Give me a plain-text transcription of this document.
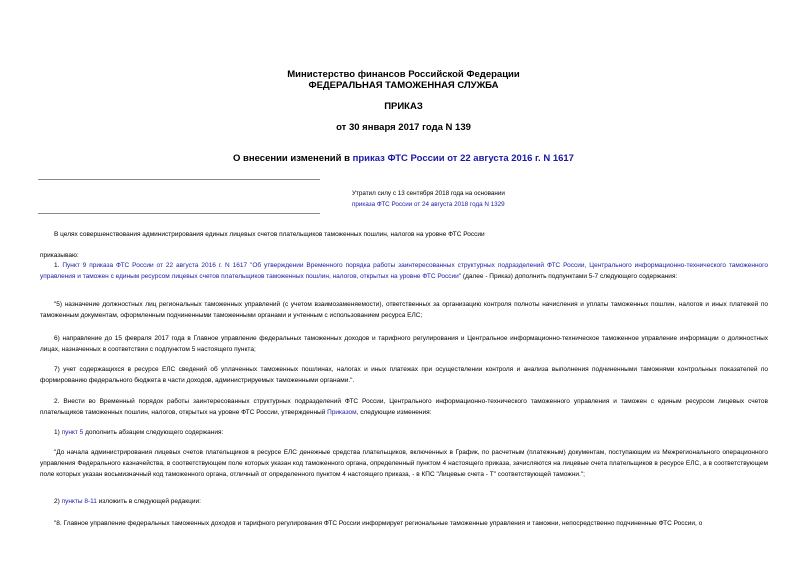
Министерство финансов Российской Федерации
ФЕДЕРАЛЬНАЯ ТАМОЖЕННАЯ СЛУЖБА
ПРИКАЗ
от 30 января 2017 года N 139
О внесении изменений в приказ ФТС России от 22 августа 2016 г. N 1617
Утратил силу с 13 сентября 2018 года на основании
приказа ФТС России от 24 августа 2018 года N 1329
В целях совершенствования администрирования единых лицевых счетов плательщиков таможенных пошлин, налогов на уровне ФТС России
приказываю:
1. Пункт 9 приказа ФТС России от 22 августа 2016 г. N 1617 "Об утверждении Временного порядка работы заинтересованных структурных подразделений ФТС России, Центрального информационно-технического таможенного управления и таможен с единым ресурсом лицевых счетов плательщиков таможенных пошлин, налогов, открытых на уровне ФТС России" (далее - Приказ) дополнить подпунктами 5-7 следующего содержания:
"5) назначение должностных лиц региональных таможенных управлений (с учетом взаимозаменяемости), ответственных за организацию контроля полноты начисления и уплаты таможенных пошлин, налогов и иных платежей по таможенным документам, оформленным подчиненными таможенными органами и учтенным с использованием ресурса ЕЛС;
6) направление до 15 февраля 2017 года в Главное управление федеральных таможенных доходов и тарифного регулирования и Центральное информационно-техническое таможенное управление информации о должностных лицах, назначенных в соответствии с подпунктом 5 настоящего пункта;
7) учет содержащихся в ресурсе ЕЛС сведений об уплаченных таможенных пошлинах, налогах и иных платежах при осуществлении контроля и анализа выполнения подчиненными таможнями контрольных показателей по формированию федерального бюджета в части доходов, администрируемых таможенными органами.".
2. Внести во Временный порядок работы заинтересованных структурных подразделений ФТС России, Центрального информационно-технического таможенного управления и таможен с единым ресурсом лицевых счетов плательщиков таможенных пошлин, налогов, открытых на уровне ФТС России, утвержденный Приказом, следующие изменения:
1) пункт 5 дополнить абзацем следующего содержания:
"До начала администрирования лицевых счетов плательщиков в ресурсе ЕЛС денежные средства плательщиков, включенных в График, по расчетным (платежным) документам, поступающим из Межрегионального операционного управления Федерального казначейства, в соответствующем поле которых указан код таможенного органа, определенный пунктом 4 настоящего приказа, зачисляются на лицевые счета плательщиков в ресурсе ЕЛС, а в соответствующем поле которых указан восьмизначный код таможенного органа, отличный от определенного пунктом 4 настоящего приказа, - в КПС "Лицевые счета - Т" соответствующей таможни.";
2) пункты 8-11 изложить в следующей редакции:
"8. Главное управление федеральных таможенных доходов и тарифного регулирования ФТС России информирует региональные таможенные управления и таможни, непосредственно подчиненные ФТС России, о
